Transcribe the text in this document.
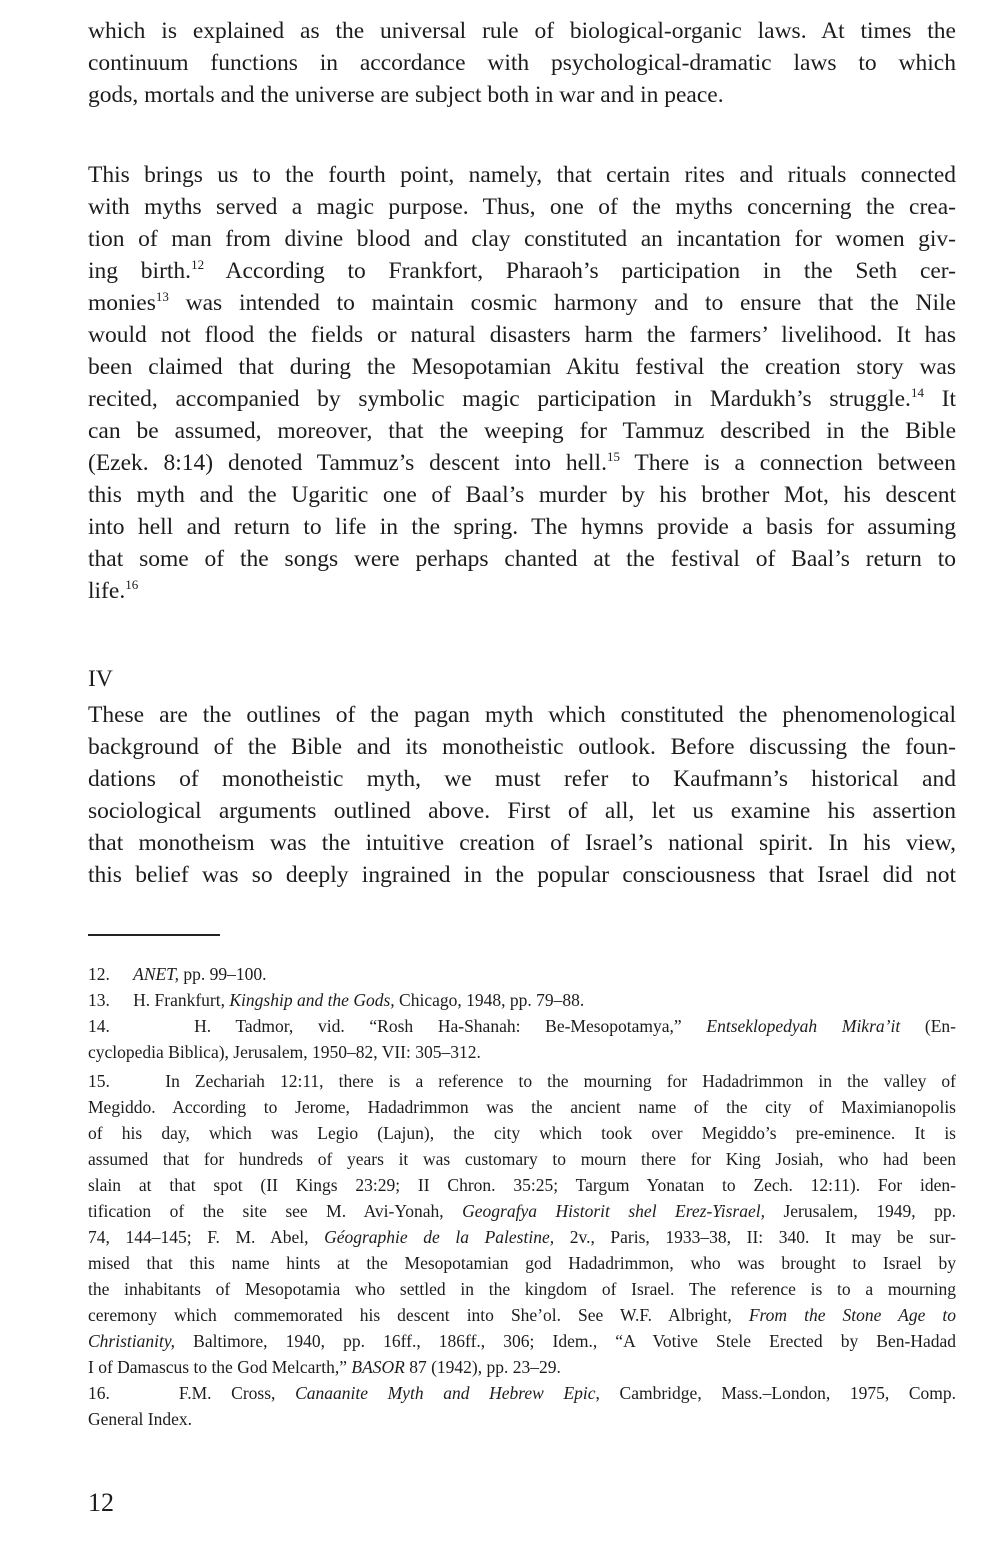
which is explained as the universal rule of biological-organic laws. At times the
continuum functions in accordance with psychological-dramatic laws to which
gods, mortals and the universe are subject both in war and in peace.
This brings us to the fourth point, namely, that certain rites and rituals connected
with myths served a magic purpose. Thus, one of the myths concerning the crea-
tion of man from divine blood and clay constituted an incantation for women giv-
ing birth.$^{12}$ According to Frankfort, Pharaoh’s participation in the Seth cer-
monies$^{13}$ was intended to maintain cosmic harmony and to ensure that the Nile
would not flood the fields or natural disasters harm the farmers’ livelihood. It has
been claimed that during the Mesopotamian Akitu festival the creation story was
recited, accompanied by symbolic magic participation in Mardukh’s struggle.$^{14}$ It
can be assumed, moreover, that the weeping for Tammuz described in the Bible
(Ezek. 8:14) denoted Tammuz’s descent into hell.$^{15}$ There is a connection between
this myth and the Ugaritic one of Baal’s murder by his brother Mot, his descent
into hell and return to life in the spring. The hymns provide a basis for assuming
that some of the songs were perhaps chanted at the festival of Baal’s return to
life.$^{16}$
IV
These are the outlines of the pagan myth which constituted the phenomenological
background of the Bible and its monotheistic outlook. Before discussing the foun-
dations of monotheistic myth, we must refer to Kaufmann’s historical and
sociological arguments outlined above. First of all, let us examine his assertion
that monotheism was the intuitive creation of Israel’s national spirit. In his view,
this belief was so deeply ingrained in the popular consciousness that Israel did not
12. ANET, pp. 99–100.
13. H. Frankfurt, Kingship and the Gods, Chicago, 1948, pp. 79–88.
14.	H. Tadmor, vid. “Rosh Ha-Shanah: Be-Mesopotamya,” Entseklopedyah Mikra’it (En-
cyclopedia Biblica), Jerusalem, 1950–82, VII: 305–312.
15.	In Zechariah 12:11, there is a reference to the mourning for Hadadrimmon in the valley of
Megiddo. According to Jerome, Hadadrimmon was the ancient name of the city of Maximianopolis
of his day, which was Legio (Lajun), the city which took over Megiddo’s pre-eminence. It is
assumed that for hundreds of years it was customary to mourn there for King Josiah, who had been
slain at that spot (II Kings 23:29; II Chron. 35:25; Targum Yonatan to Zech. 12:11). For iden-
tification of the site see M. Avi-Yonah, Geografya Historit shel Erez-Yisrael, Jerusalem, 1949, pp.
74, 144–145; F. M. Abel, Géographie de la Palestine, 2v., Paris, 1933–38, II: 340. It may be sur-
mised that this name hints at the Mesopotamian god Hadadrimmon, who was brought to Israel by
the inhabitants of Mesopotamia who settled in the kingdom of Israel. The reference is to a mourning
ceremony which commemorated his descent into She’ol. See W.F. Albright, From the Stone Age to
Christianity, Baltimore, 1940, pp. 16ff., 186ff., 306; Idem., “A Votive Stele Erected by Ben-Hadad
I of Damascus to the God Melcarth,” BASOR 87 (1942), pp. 23–29.
16.	F.M. Cross, Canaanite Myth and Hebrew Epic, Cambridge, Mass.–London, 1975, Comp.
General Index.
12
